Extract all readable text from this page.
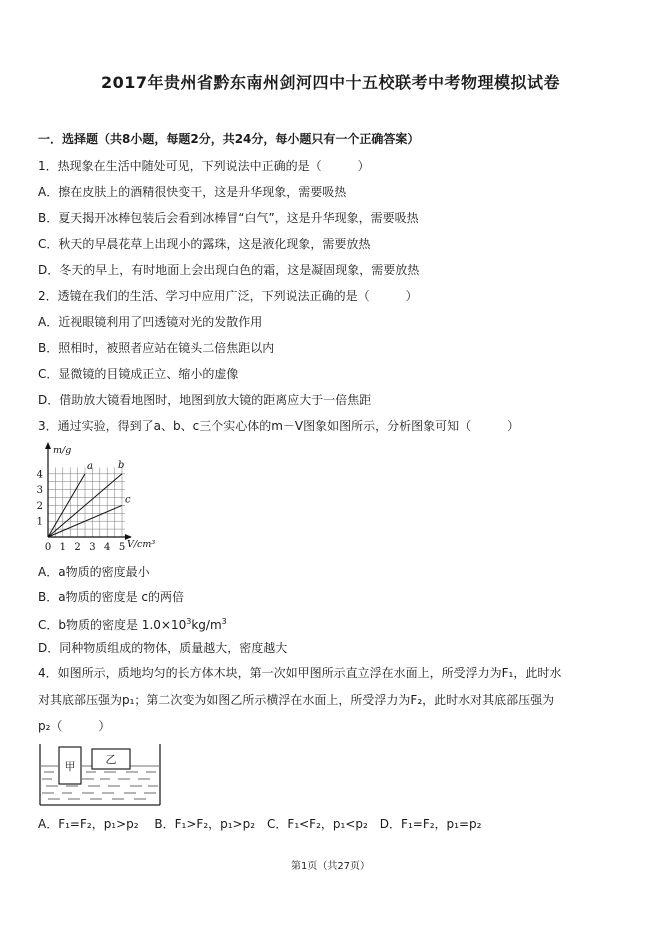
2017年贵州省黔东南州剑河四中十五校联考中考物理模拟试卷
一．选择题（共8小题，每题2分，共24分，每小题只有一个正确答案）
1．热现象在生活中随处可见，下列说法中正确的是（　　　）
A．擦在皮肤上的酒精很快变干，这是升华现象，需要吸热
B．夏天揭开冰棒包装后会看到冰棒冒“白气”，这是升华现象，需要吸热
C．秋天的早晨花草上出现小的露珠，这是液化现象，需要放热
D．冬天的早上，有时地面上会出现白色的霜，这是凝固现象，需要放热
2．透镜在我们的生活、学习中应用广泛，下列说法正确的是（　　　）
A．近视眼镜利用了凹透镜对光的发散作用
B．照相时，被照者应站在镜头二倍焦距以内
C．显微镜的目镜成正立、缩小的虚像
D．借助放大镜看地图时，地图到放大镜的距离应大于一倍焦距
3．通过实验，得到了a、b、c三个实心体的m－V图象如图所示，分析图象可知（　　　）
0 1 2 3 4 5
1
2
3
4
m/g
V/cm³
a	b
c
A．a物质的密度最小
B．a物质的密度是 c的两倍
C．b物质的密度是 $1.0\times 10^3kg/m^3$
D．同种物质组成的物体，质量越大，密度越大
4．如图所示，质地均匀的长方体木块，第一次如甲图所示直立浮在水面上，所受浮力为F₁，此时水
对其底部压强为p₁；第二次变为如图乙所示横浮在水面上，所受浮力为F₂，此时水对其底部压强为
p₂（　　　）
甲
乙
A．F₁=F₂，p₁>p₂　 B．F₁>F₂，p₁>p₂　C．F₁<F₂，p₁<p₂　D．F₁=F₂，p₁=p₂
第1页（共27页）
